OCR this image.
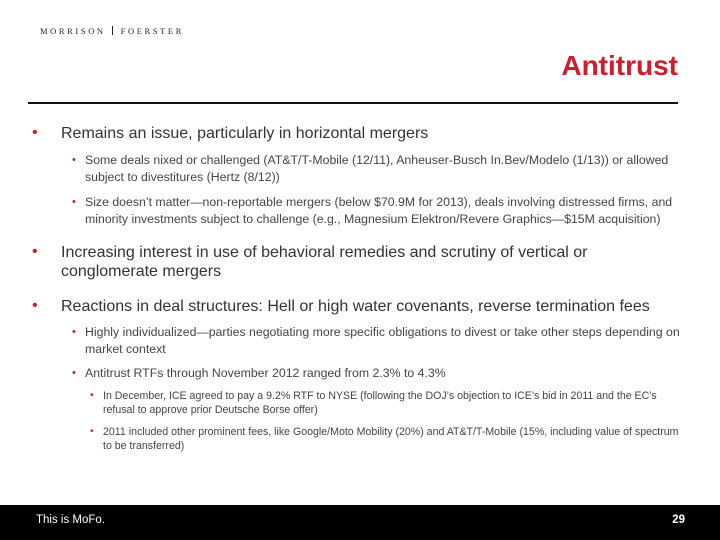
MORRISON FOERSTER
Antitrust
• Remains an issue, particularly in horizontal mergers
• Some deals nixed or challenged (AT&T/T-Mobile (12/11), Anheuser-Busch In.Bev/Modelo (1/13)) or allowed subject to divestitures (Hertz (8/12))
• Size doesn’t matter—non-reportable mergers (below $70.9M for 2013), deals involving distressed firms, and minority investments subject to challenge (e.g., Magnesium Elektron/Revere Graphics—$15M acquisition)
• Increasing interest in use of behavioral remedies and scrutiny of vertical or conglomerate mergers
• Reactions in deal structures: Hell or high water covenants, reverse termination fees
• Highly individualized—parties negotiating more specific obligations to divest or take other steps depending on market context
• Antitrust RTFs through November 2012 ranged from 2.3% to 4.3%
• In December, ICE agreed to pay a 9.2% RTF to NYSE (following the DOJ’s objection to ICE’s bid in 2011 and the EC’s refusal to approve prior Deutsche Borse offer)
• 2011 included other prominent fees, like Google/Moto Mobility (20%) and AT&T/T-Mobile (15%, including value of spectrum to be transferred)
This is MoFo.	29
